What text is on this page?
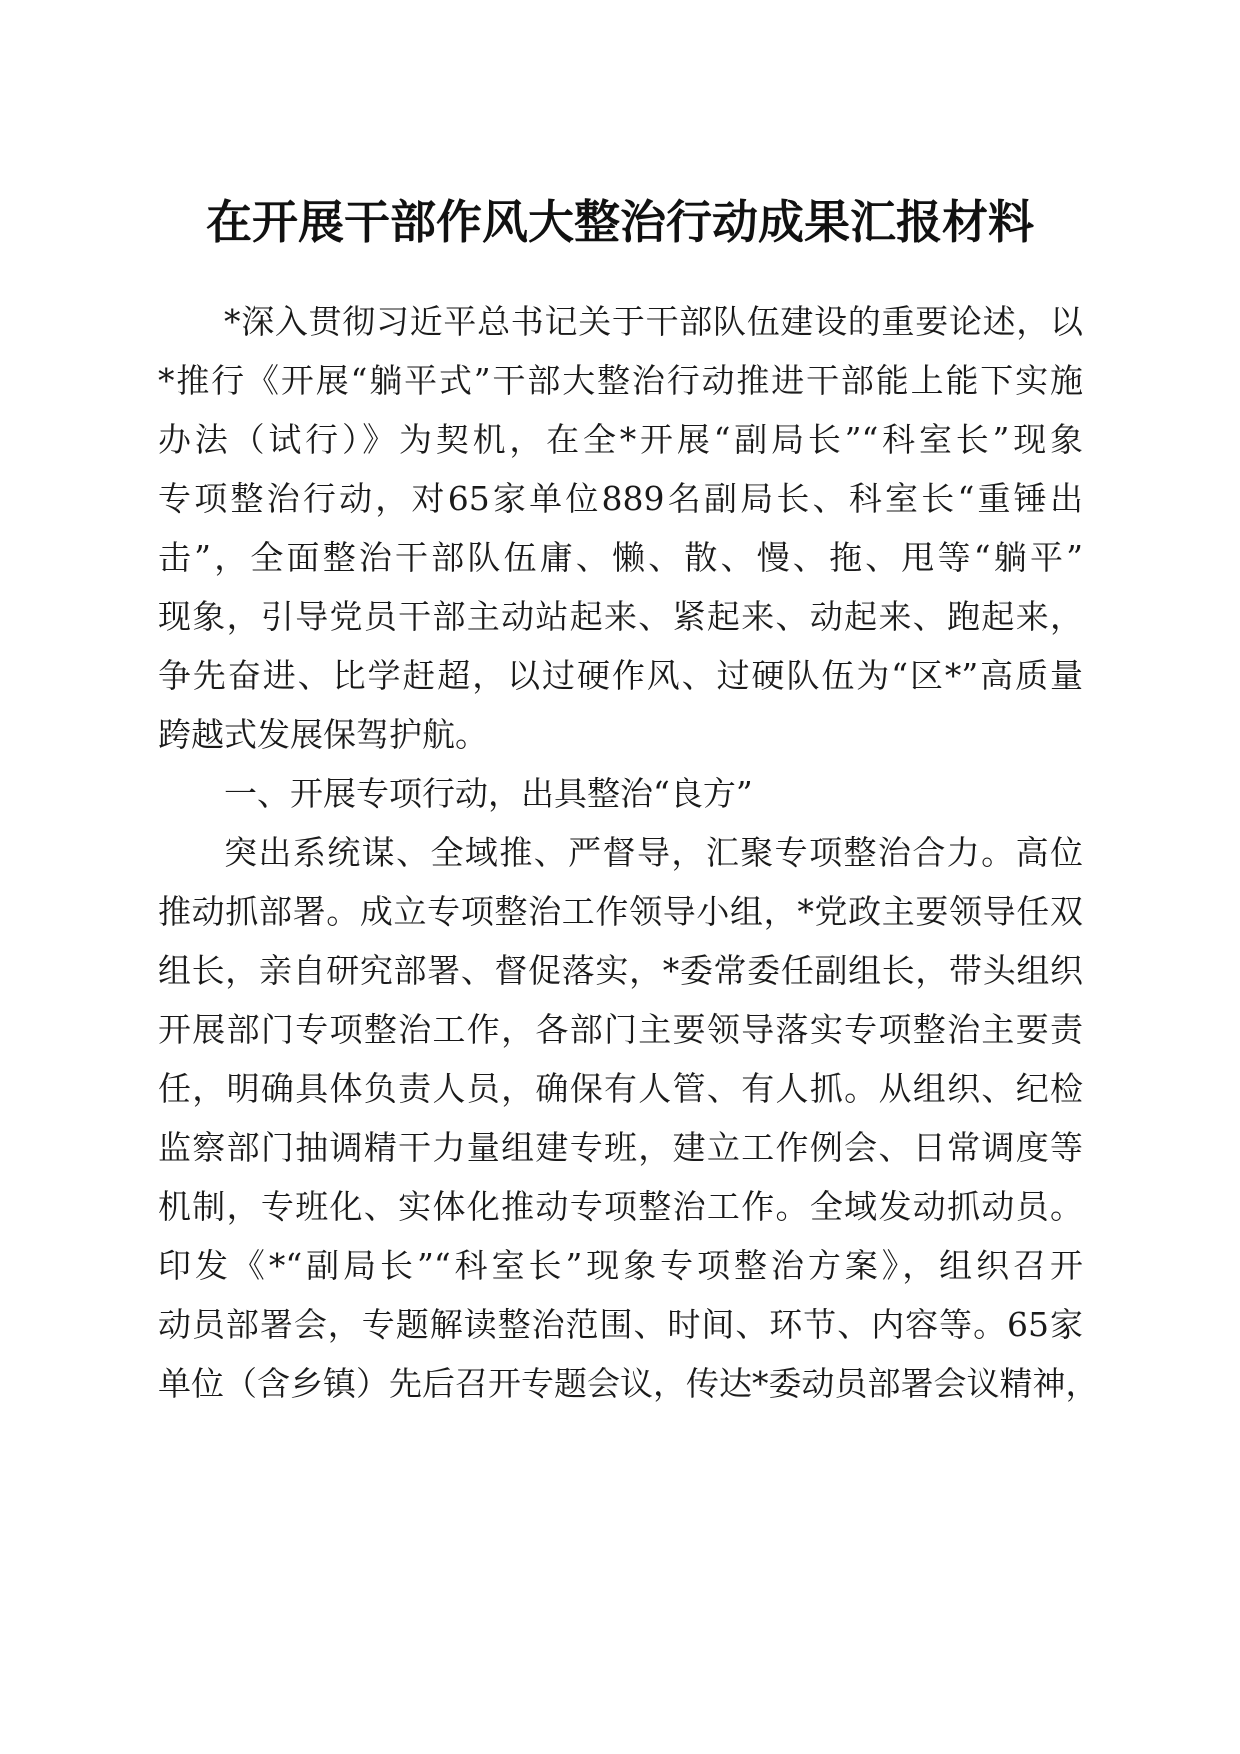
在开展干部作风大整治行动成果汇报材料
*深入贯彻习近平总书记关于干部队伍建设的重要论述，以
*推行《开展“躺平式”干部大整治行动推进干部能上能下实施
办法（试行）》为契机，在全*开展“副局长”“科室长”现象
专项整治行动，对65家单位889名副局长、科室长“重锤出
击”，全面整治干部队伍庸、懒、散、慢、拖、甩等“躺平”
现象，引导党员干部主动站起来、紧起来、动起来、跑起来，
争先奋进、比学赶超，以过硬作风、过硬队伍为“区*”高质量
跨越式发展保驾护航。
一、开展专项行动，出具整治“良方”
突出系统谋、全域推、严督导，汇聚专项整治合力。高位
推动抓部署。成立专项整治工作领导小组，*党政主要领导任双
组长，亲自研究部署、督促落实，*委常委任副组长，带头组织
开展部门专项整治工作，各部门主要领导落实专项整治主要责
任，明确具体负责人员，确保有人管、有人抓。从组织、纪检
监察部门抽调精干力量组建专班，建立工作例会、日常调度等
机制，专班化、实体化推动专项整治工作。全域发动抓动员。
印发《*“副局长”“科室长”现象专项整治方案》，组织召开
动员部署会，专题解读整治范围、时间、环节、内容等。65家
单位（含乡镇）先后召开专题会议，传达*委动员部署会议精神，
